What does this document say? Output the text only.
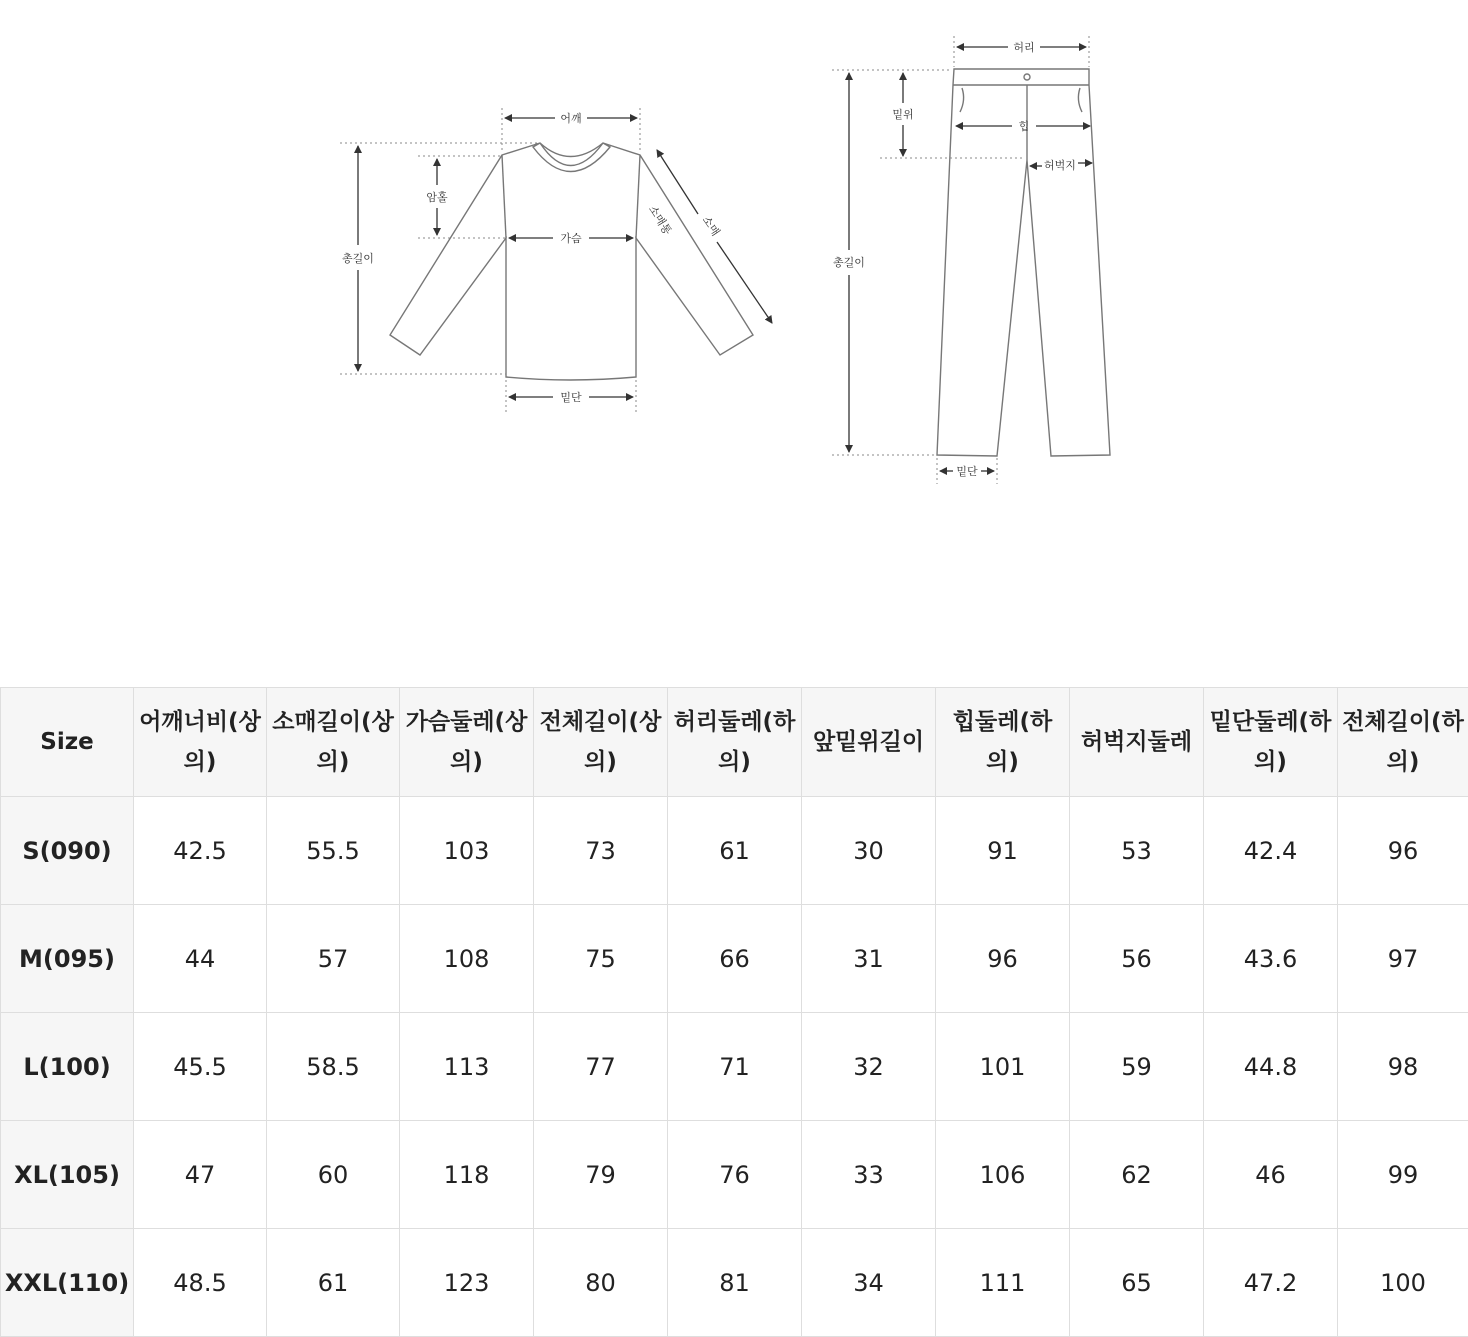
어깨
암홀
가슴
총길이
소매통 소매
밑단
허리
밑위
힙
허벅지
총길이
밑단
Size	어깨너비(상의)	소매길이(상의)	가슴둘레(상의)	전체길이(상의)	허리둘레(하의)	앞밑위길이	힙둘레(하의)	허벅지둘레	밑단둘레(하의)	전체길이(하의)
S(090)	42.5	55.5	103	73	61	30	91	53	42.4	96
M(095)	44	57	108	75	66	31	96	56	43.6	97
L(100)	45.5	58.5	113	77	71	32	101	59	44.8	98
XL(105)	47	60	118	79	76	33	106	62	46	99
XXL(110)	48.5	61	123	80	81	34	111	65	47.2	100
